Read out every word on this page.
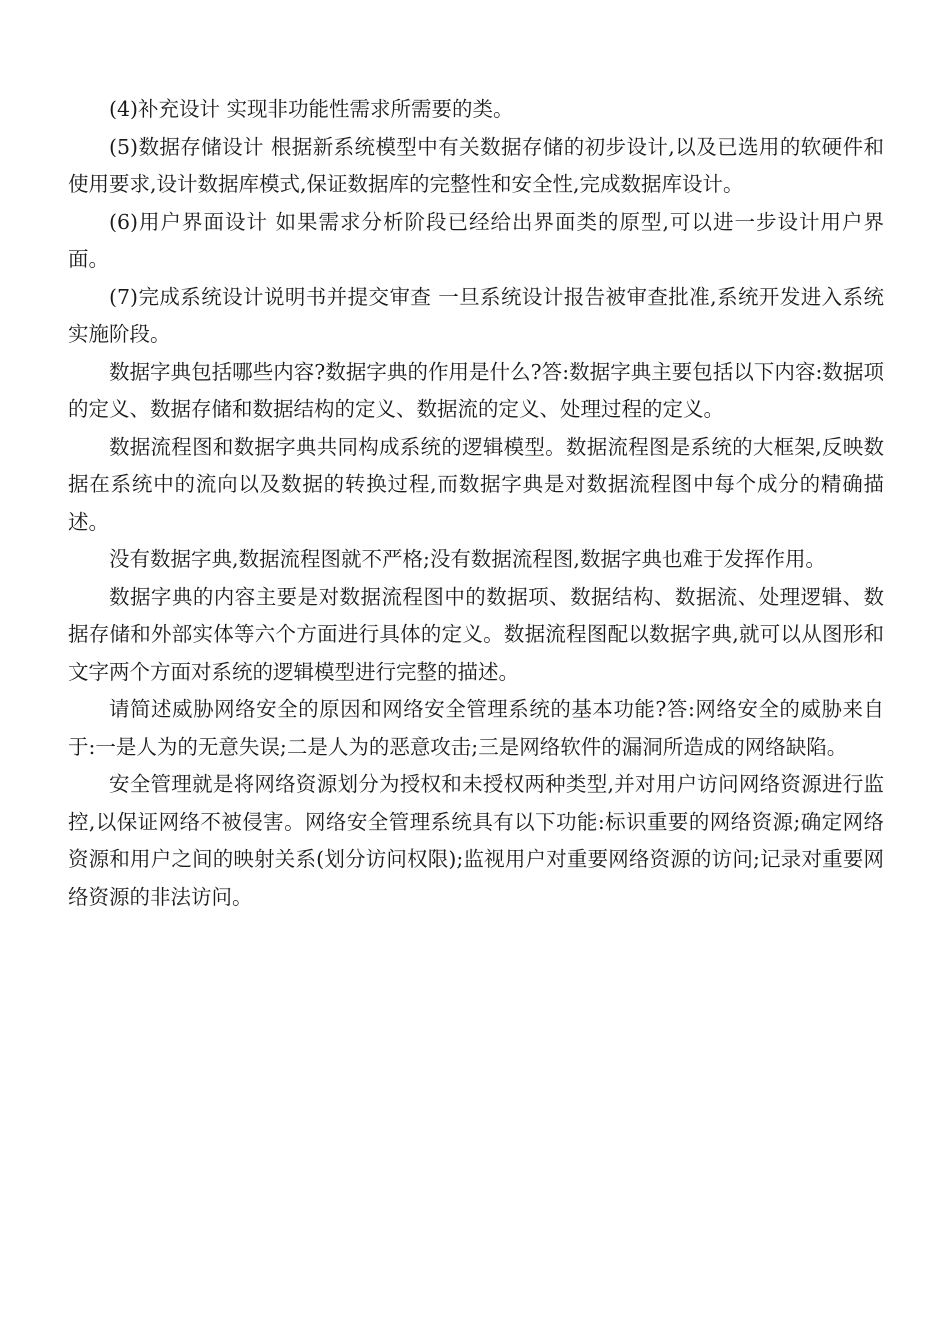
(4)补充设计 实现非功能性需求所需要的类。

(5)数据存储设计 根据新系统模型中有关数据存储的初步设计,以及已选用的软硬件和使用要求,设计数据库模式,保证数据库的完整性和安全性,完成数据库设计。

(6)用户界面设计 如果需求分析阶段已经给出界面类的原型,可以进一步设计用户界面。

(7)完成系统设计说明书并提交审查 一旦系统设计报告被审查批准,系统开发进入系统实施阶段。

数据字典包括哪些内容?数据字典的作用是什么?答:数据字典主要包括以下内容:数据项的定义、数据存储和数据结构的定义、数据流的定义、处理过程的定义。

数据流程图和数据字典共同构成系统的逻辑模型。数据流程图是系统的大框架,反映数据在系统中的流向以及数据的转换过程,而数据字典是对数据流程图中每个成分的精确描述。

没有数据字典,数据流程图就不严格;没有数据流程图,数据字典也难于发挥作用。

数据字典的内容主要是对数据流程图中的数据项、数据结构、数据流、处理逻辑、数据存储和外部实体等六个方面进行具体的定义。数据流程图配以数据字典,就可以从图形和文字两个方面对系统的逻辑模型进行完整的描述。

请简述威胁网络安全的原因和网络安全管理系统的基本功能?答:网络安全的威胁来自于:一是人为的无意失误;二是人为的恶意攻击;三是网络软件的漏洞所造成的网络缺陷。

安全管理就是将网络资源划分为授权和未授权两种类型,并对用户访问网络资源进行监控,以保证网络不被侵害。网络安全管理系统具有以下功能:标识重要的网络资源;确定网络资源和用户之间的映射关系(划分访问权限);监视用户对重要网络资源的访问;记录对重要网络资源的非法访问。
